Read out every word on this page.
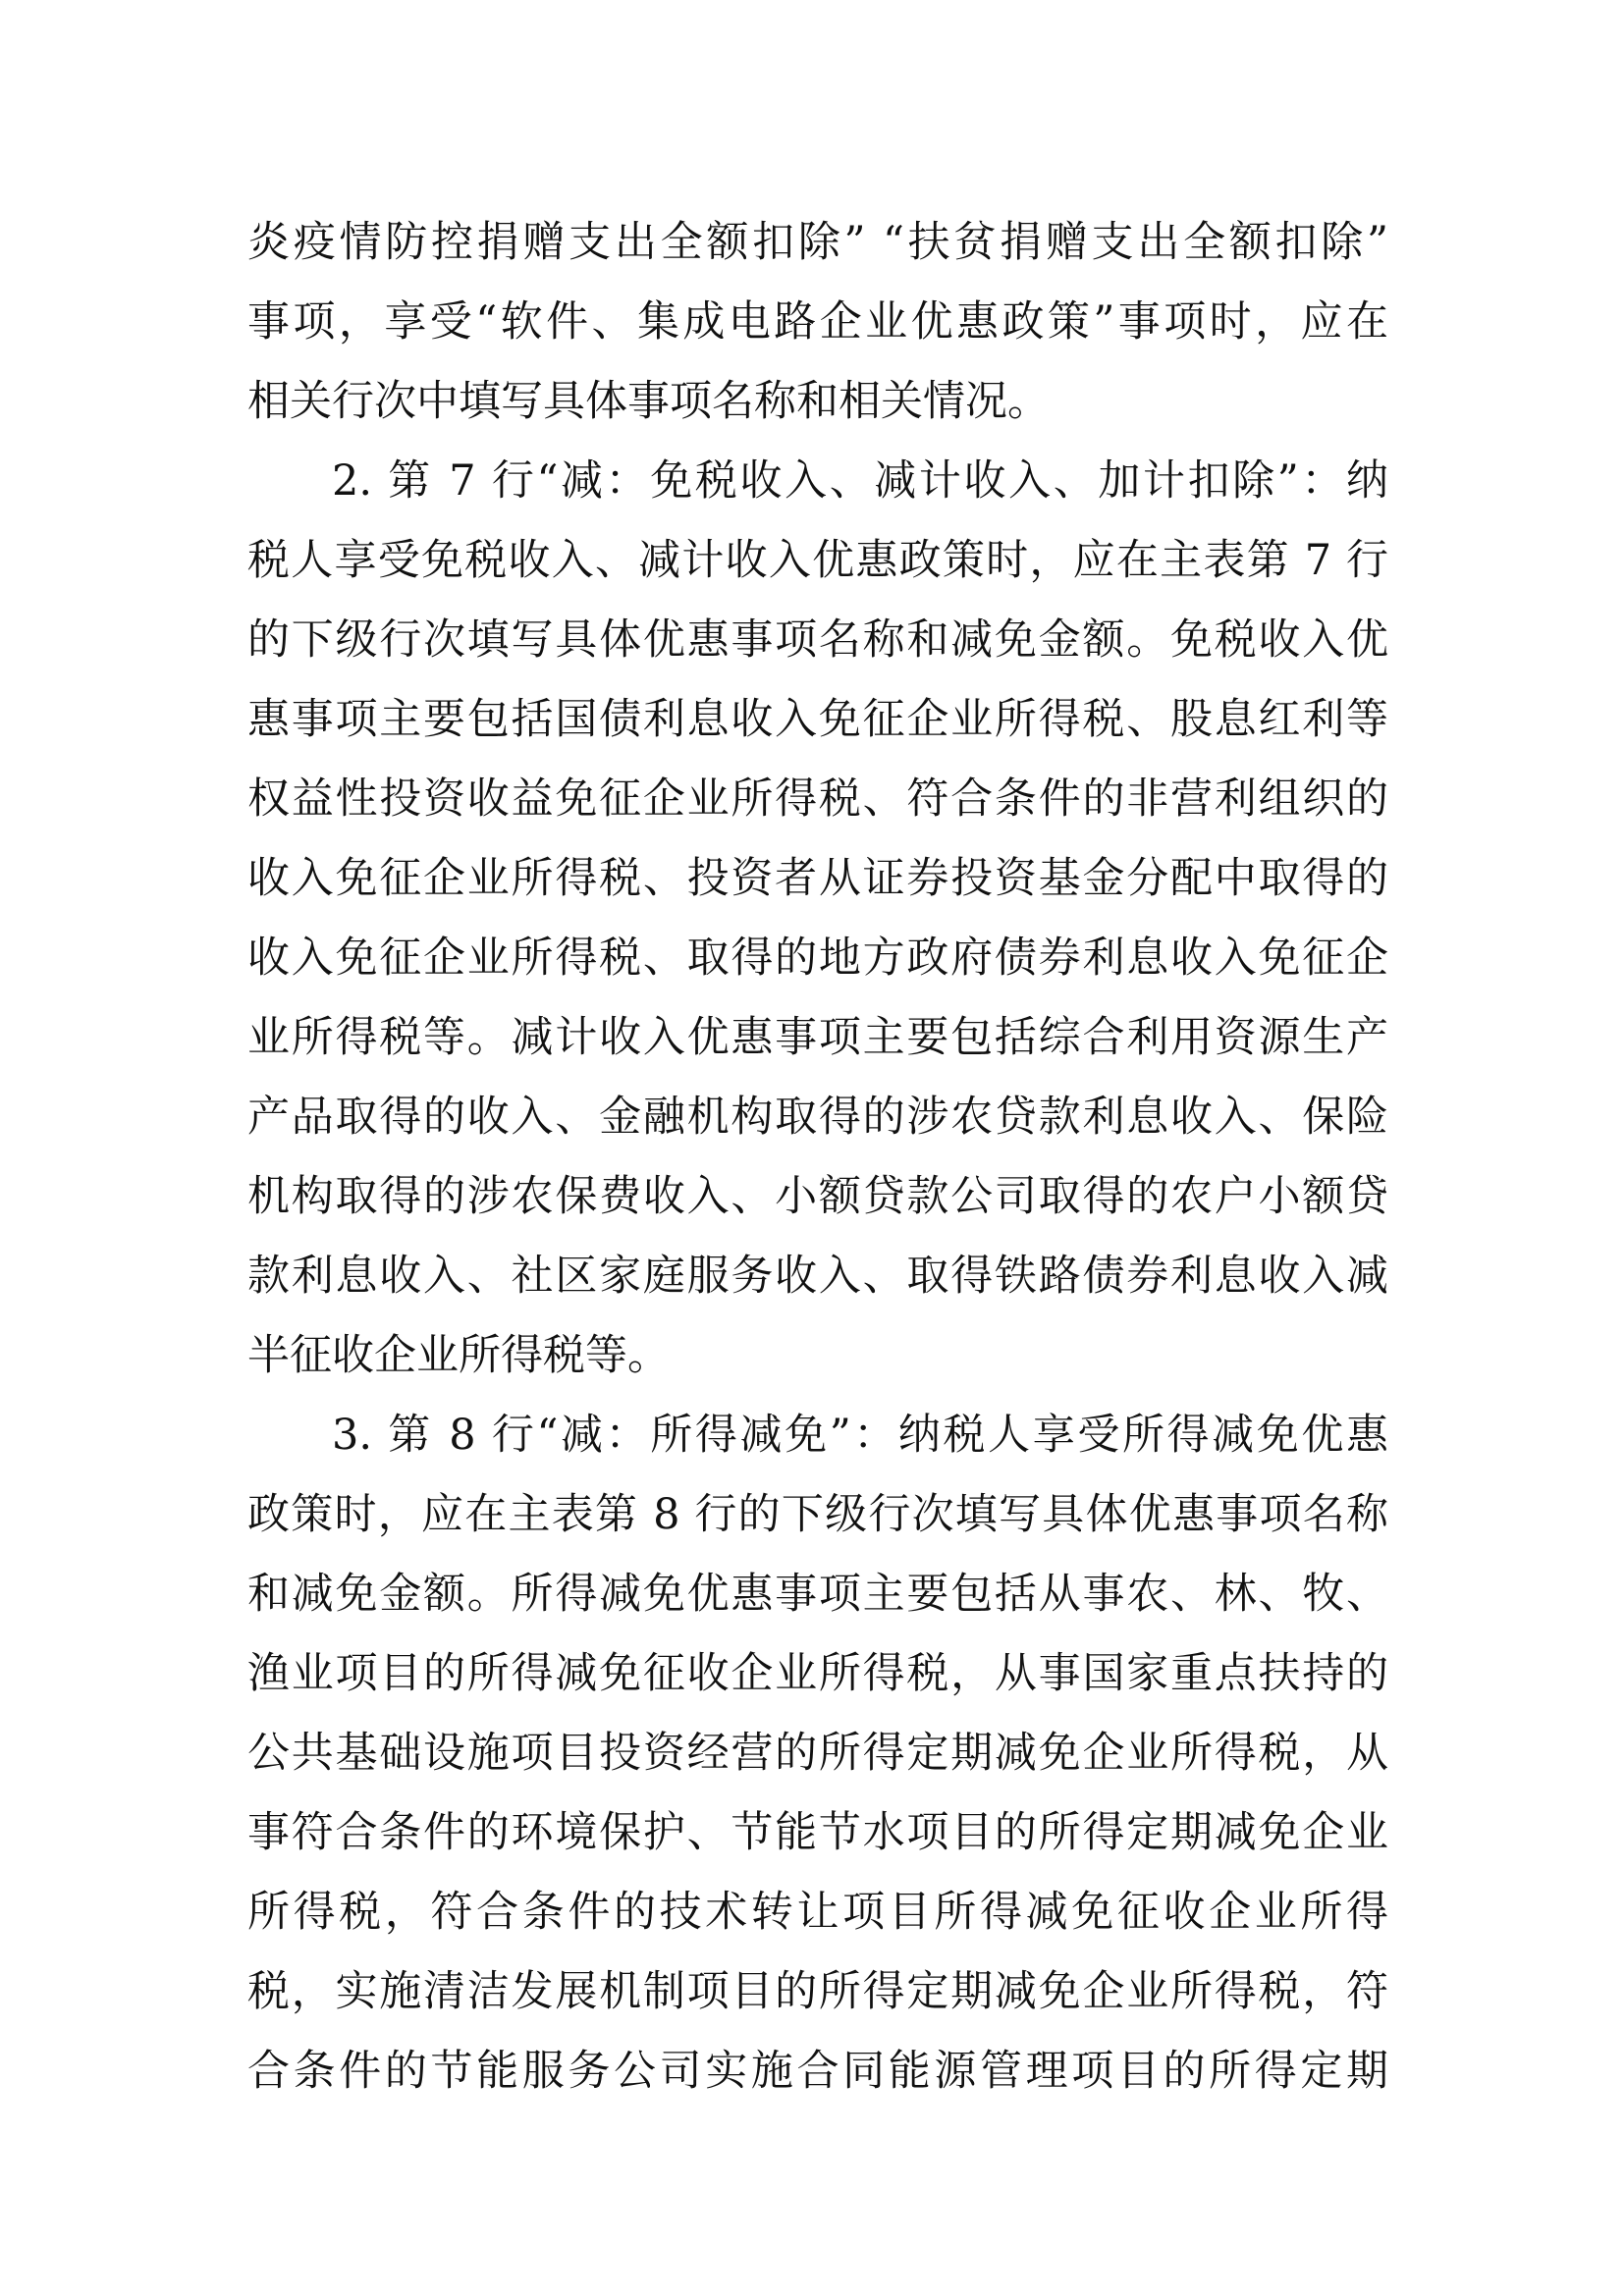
炎疫情防控捐赠支出全额扣除” “扶贫捐赠支出全额扣除”
事项，享受“软件、集成电路企业优惠政策”事项时，应在
相关行次中填写具体事项名称和相关情况。
2. 第 7 行“减：免税收入、减计收入、加计扣除”：纳
税人享受免税收入、减计收入优惠政策时，应在主表第 7 行
的下级行次填写具体优惠事项名称和减免金额。免税收入优
惠事项主要包括国债利息收入免征企业所得税、股息红利等
权益性投资收益免征企业所得税、符合条件的非营利组织的
收入免征企业所得税、投资者从证券投资基金分配中取得的
收入免征企业所得税、取得的地方政府债券利息收入免征企
业所得税等。减计收入优惠事项主要包括综合利用资源生产
产品取得的收入、金融机构取得的涉农贷款利息收入、保险
机构取得的涉农保费收入、小额贷款公司取得的农户小额贷
款利息收入、社区家庭服务收入、取得铁路债券利息收入减
半征收企业所得税等。
3. 第 8 行“减：所得减免”：纳税人享受所得减免优惠
政策时，应在主表第 8 行的下级行次填写具体优惠事项名称
和减免金额。所得减免优惠事项主要包括从事农、林、牧、
渔业项目的所得减免征收企业所得税，从事国家重点扶持的
公共基础设施项目投资经营的所得定期减免企业所得税，从
事符合条件的环境保护、节能节水项目的所得定期减免企业
所得税，符合条件的技术转让项目所得减免征收企业所得
税，实施清洁发展机制项目的所得定期减免企业所得税，符
合条件的节能服务公司实施合同能源管理项目的所得定期
